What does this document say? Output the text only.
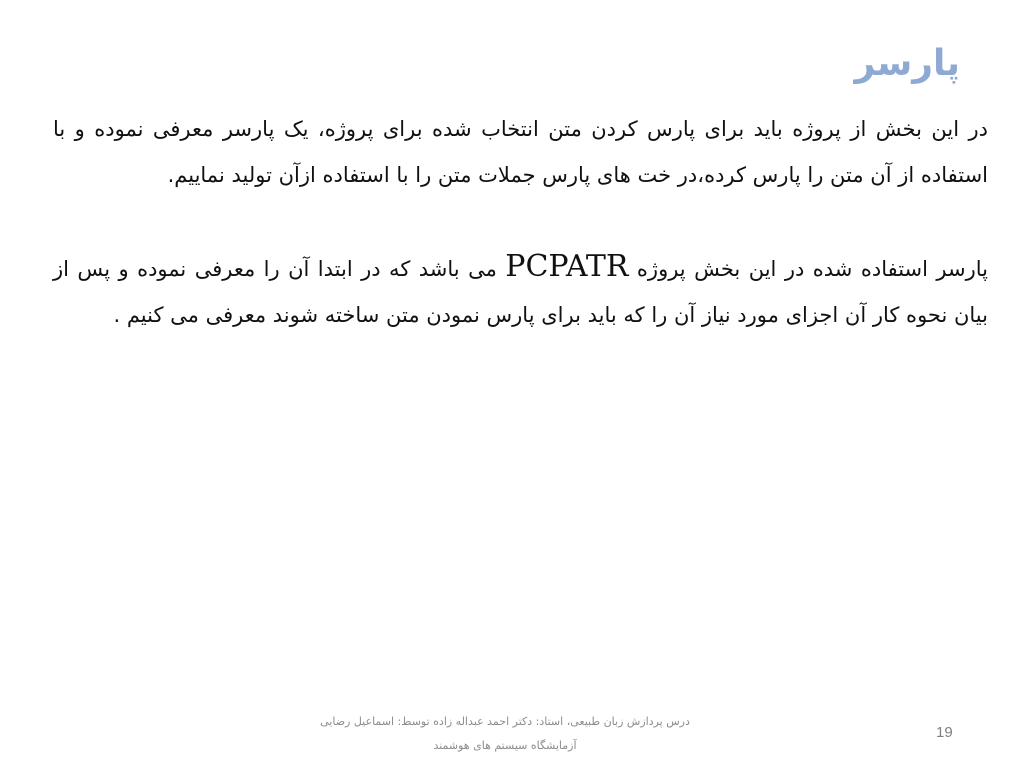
پارسر

در این بخش از پروژه باید برای پارس کردن متن انتخاب شده برای پروژه، یک پارسر معرفی نموده و با استفاده از آن متن را پارس کرده،در خت های پارس جملات متن را با استفاده ازآن تولید نماییم.

پارسر استفاده شده در این بخش پروژه PCPATR می باشد که در ابتدا آن را معرفی نموده و پس از بیان نحوه کار آن اجزای مورد نیاز آن را که باید برای پارس نمودن متن ساخته شوند معرفی می کنیم .

درس پردازش زبان طبیعی، استاد: دکتر احمد عبداله زاده توسط: اسماعیل رضایی
آزمایشگاه سیستم های هوشمند
19
